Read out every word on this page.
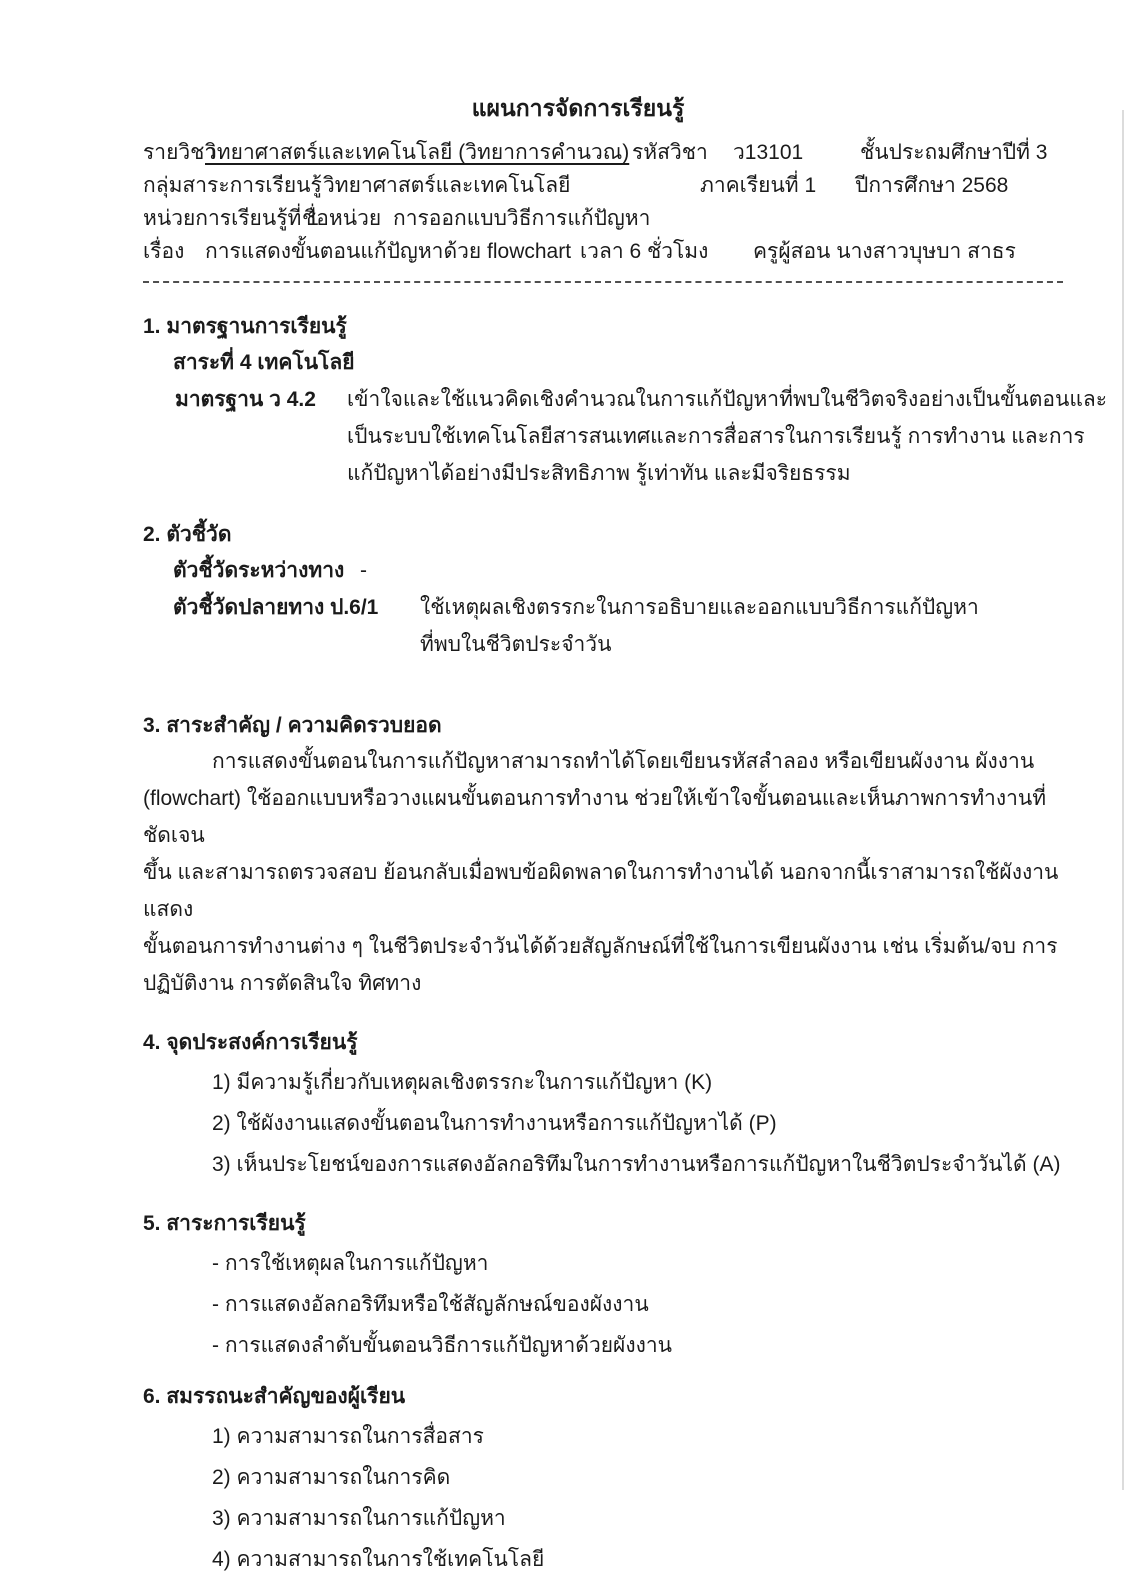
แผนการจัดการเรียนรู้
รายวิชา
วิทยาศาสตร์และเทคโนโลยี (วิทยาการคำนวณ) รหัสวิชา ว13101	ชั้นประถมศึกษาปีที่ 3
กลุ่มสาระการเรียนรู้ วิทยาศาสตร์และเทคโนโลยี	ภาคเรียนที่ 1 ปีการศึกษา 2568
หน่วยการเรียนรู้ที่ 1
ชื่อหน่วย การออกแบบวิธีการแก้ปัญหา
เรื่อง การแสดงขั้นตอนแก้ปัญหาด้วย flowchart เวลา 6 ชั่วโมง ครูผู้สอน นางสาวบุษบา สาธร
1. มาตรฐานการเรียนรู้
สาระที่ 4 เทคโนโลยี
มาตรฐาน ว 4.2	เข้าใจและใช้แนวคิดเชิงคำนวณในการแก้ปัญหาที่พบในชีวิตจริงอย่างเป็นขั้นตอนและ
เป็นระบบใช้เทคโนโลยีสารสนเทศและการสื่อสารในการเรียนรู้ การทำงาน และการ
แก้ปัญหาได้อย่างมีประสิทธิภาพ รู้เท่าทัน และมีจริยธรรม
2. ตัวชี้วัด
ตัวชี้วัดระหว่างทาง -
ตัวชี้วัดปลายทาง ป.6/1	ใช้เหตุผลเชิงตรรกะในการอธิบายและออกแบบวิธีการแก้ปัญหา
ที่พบในชีวิตประจำวัน
3. สาระสำคัญ / ความคิดรวบยอด
การแสดงขั้นตอนในการแก้ปัญหาสามารถทำได้โดยเขียนรหัสลำลอง หรือเขียนผังงาน ผังงาน
(flowchart) ใช้ออกแบบหรือวางแผนขั้นตอนการทำงาน ช่วยให้เข้าใจขั้นตอนและเห็นภาพการทำงานที่ชัดเจน
ขึ้น และสามารถตรวจสอบ ย้อนกลับเมื่อพบข้อผิดพลาดในการทำงานได้ นอกจากนี้เราสามารถใช้ผังงานแสดง
ขั้นตอนการทำงานต่าง ๆ ในชีวิตประจำวันได้ด้วยสัญลักษณ์ที่ใช้ในการเขียนผังงาน เช่น เริ่มต้น/จบ การ
ปฏิบัติงาน การตัดสินใจ ทิศทาง
4. จุดประสงค์การเรียนรู้
1) มีความรู้เกี่ยวกับเหตุผลเชิงตรรกะในการแก้ปัญหา (K)
2) ใช้ผังงานแสดงขั้นตอนในการทำงานหรือการแก้ปัญหาได้ (P)
3) เห็นประโยชน์ของการแสดงอัลกอริทึมในการทำงานหรือการแก้ปัญหาในชีวิตประจำวันได้ (A)
5. สาระการเรียนรู้
- การใช้เหตุผลในการแก้ปัญหา
- การแสดงอัลกอริทึมหรือใช้สัญลักษณ์ของผังงาน
- การแสดงลำดับขั้นตอนวิธีการแก้ปัญหาด้วยผังงาน
6. สมรรถนะสำคัญของผู้เรียน
1) ความสามารถในการสื่อสาร
2) ความสามารถในการคิด
3) ความสามารถในการแก้ปัญหา
4) ความสามารถในการใช้เทคโนโลยี
